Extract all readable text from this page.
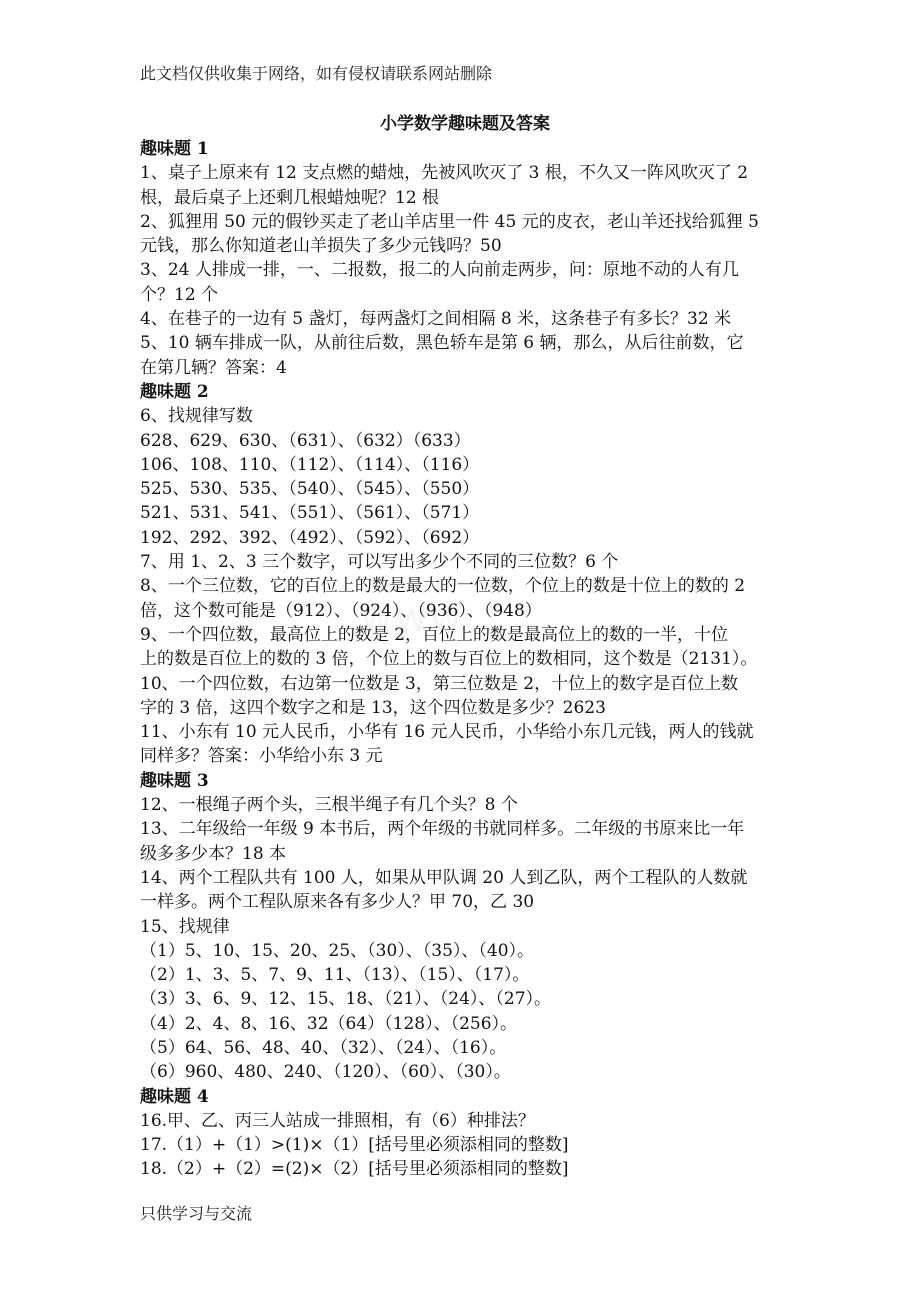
此文档仅供收集于网络，如有侵权请联系网站删除
小学数学趣味题及答案
趣味题 1
1、桌子上原来有 12 支点燃的蜡烛，先被风吹灭了 3 根，不久又一阵风吹灭了 2
根，最后桌子上还剩几根蜡烛呢？12 根
2、狐狸用 50 元的假钞买走了老山羊店里一件 45 元的皮衣，老山羊还找给狐狸 5
元钱，那么你知道老山羊损失了多少元钱吗？50
3、24 人排成一排，一、二报数，报二的人向前走两步，问：原地不动的人有几
个？12 个
4、在巷子的一边有 5 盏灯，每两盏灯之间相隔 8 米，这条巷子有多长？32 米
5、10 辆车排成一队，从前往后数，黑色轿车是第 6 辆，那么，从后往前数，它
在第几辆？答案：4
趣味题 2
6、找规律写数
628、629、630、（631）、（632）（633）
106、108、110、（112）、（114）、（116）
525、530、535、（540）、（545）、（550）
521、531、541、（551）、（561）、（571）
192、292、392、（492）、（592）、（692）
7、用 1、2、3 三个数字，可以写出多少个不同的三位数？6 个
8、一个三位数，它的百位上的数是最大的一位数，个位上的数是十位上的数的 2
倍，这个数可能是（912）、（924）、（936）、（948）
9、一个四位数，最高位上的数是 2，百位上的数是最高位上的数的一半，十位
上的数是百位上的数的 3 倍，个位上的数与百位上的数相同，这个数是（2131）。
10、一个四位数，右边第一位数是 3，第三位数是 2，十位上的数字是百位上数
字的 3 倍，这四个数字之和是 13，这个四位数是多少？2623
11、小东有 10 元人民币，小华有 16 元人民币，小华给小东几元钱，两人的钱就
同样多？答案：小华给小东 3 元
趣味题 3
12、一根绳子两个头，三根半绳子有几个头？8 个
13、二年级给一年级 9 本书后，两个年级的书就同样多。二年级的书原来比一年
级多多少本？18 本
14、两个工程队共有 100 人，如果从甲队调 20 人到乙队，两个工程队的人数就
一样多。两个工程队原来各有多少人？甲 70，乙 30
15、找规律
（1）5、10、15、20、25、（30）、（35）、（40）。
（2）1、3、5、7、9、11、（13）、（15）、（17）。
（3）3、6、9、12、15、18、（21）、（24）、（27）。
（4）2、4、8、16、32（64）（128）、（256）。
（5）64、56、48、40、（32）、（24）、（16）。
（6）960、480、240、（120）、（60）、（30）。
趣味题 4
16.甲、乙、丙三人站成一排照相，有（6）种排法？
17.（1）+（1）>(1)×（1）[括号里必须添相同的整数]
18.（2）+（2）=(2)×（2）[括号里必须添相同的整数]
只供学习与交流
